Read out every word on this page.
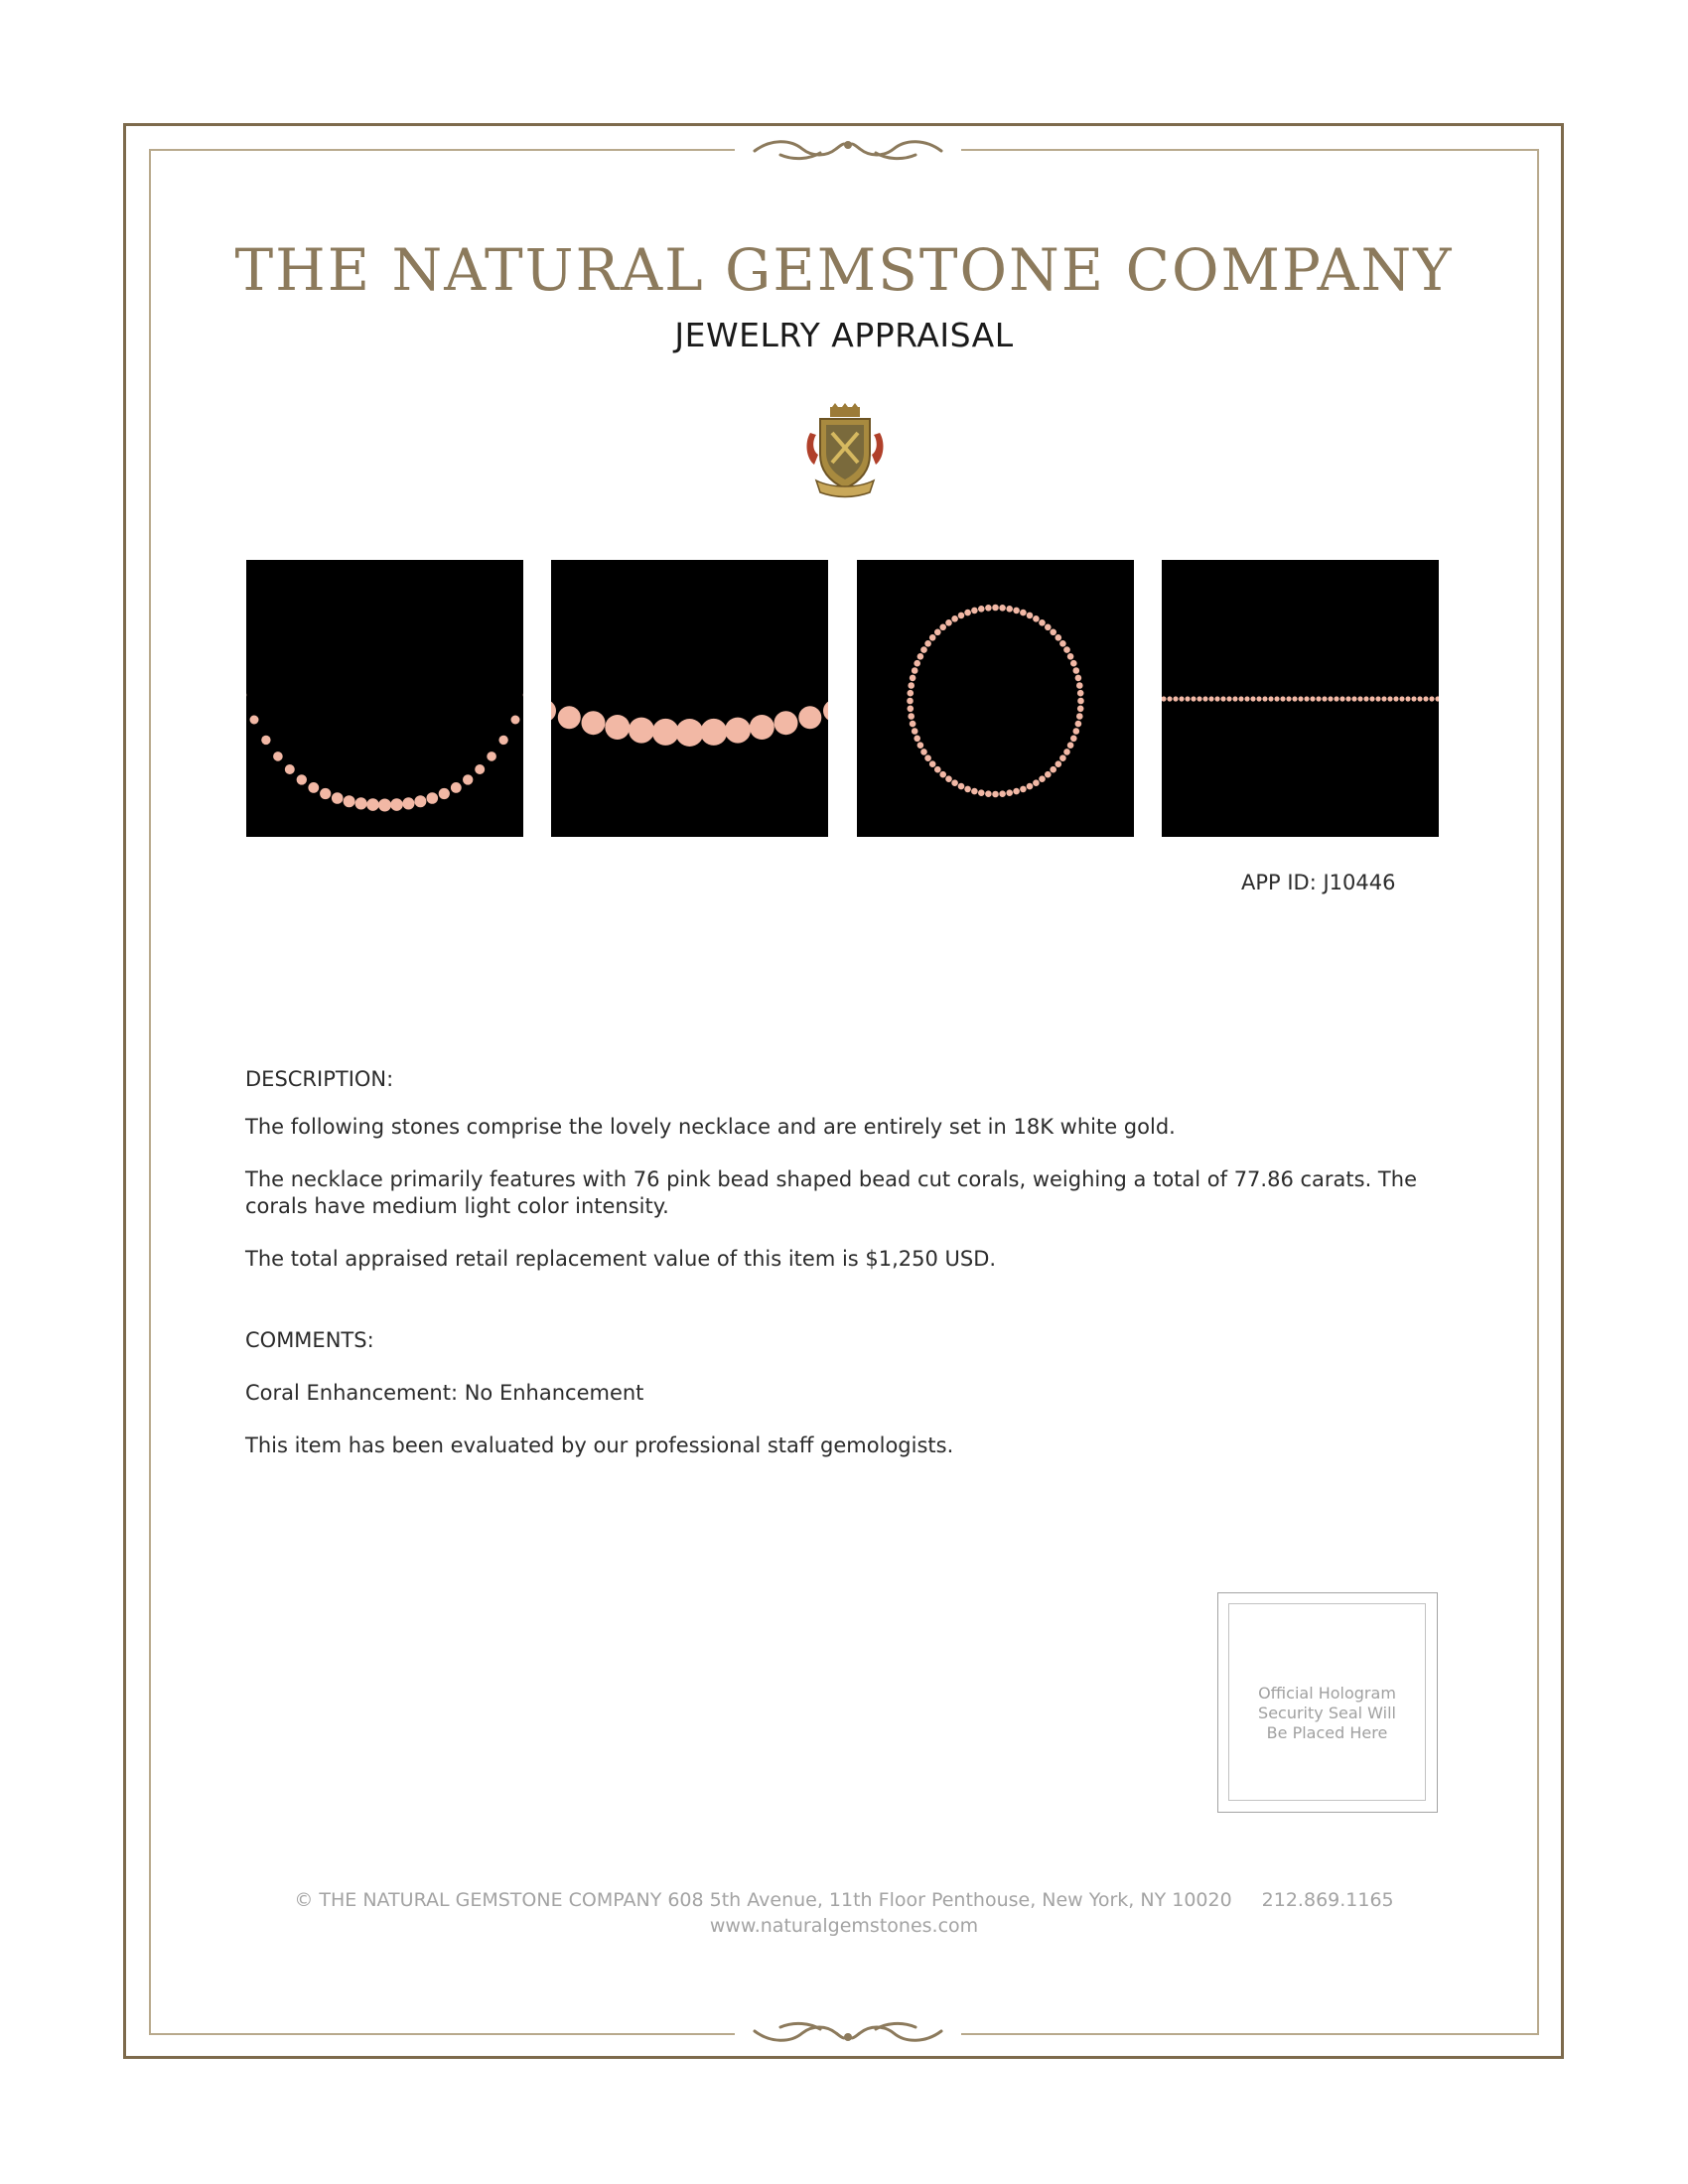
THE NATURAL GEMSTONE COMPANY
JEWELRY APPRAISAL
APP ID: J10446
DESCRIPTION:
The following stones comprise the lovely necklace and are entirely set in 18K white gold.
The necklace primarily features with 76 pink bead shaped bead cut corals, weighing a total of 77.86 carats. The corals have medium light color intensity.
The total appraised retail replacement value of this item is $1,250 USD.
COMMENTS:
Coral Enhancement: No Enhancement
This item has been evaluated by our professional staff gemologists.
Official Hologram
Security Seal Will
Be Placed Here
© THE NATURAL GEMSTONE COMPANY 608 5th Avenue, 11th Floor Penthouse, New York, NY 10020 212.869.1165
www.naturalgemstones.com
